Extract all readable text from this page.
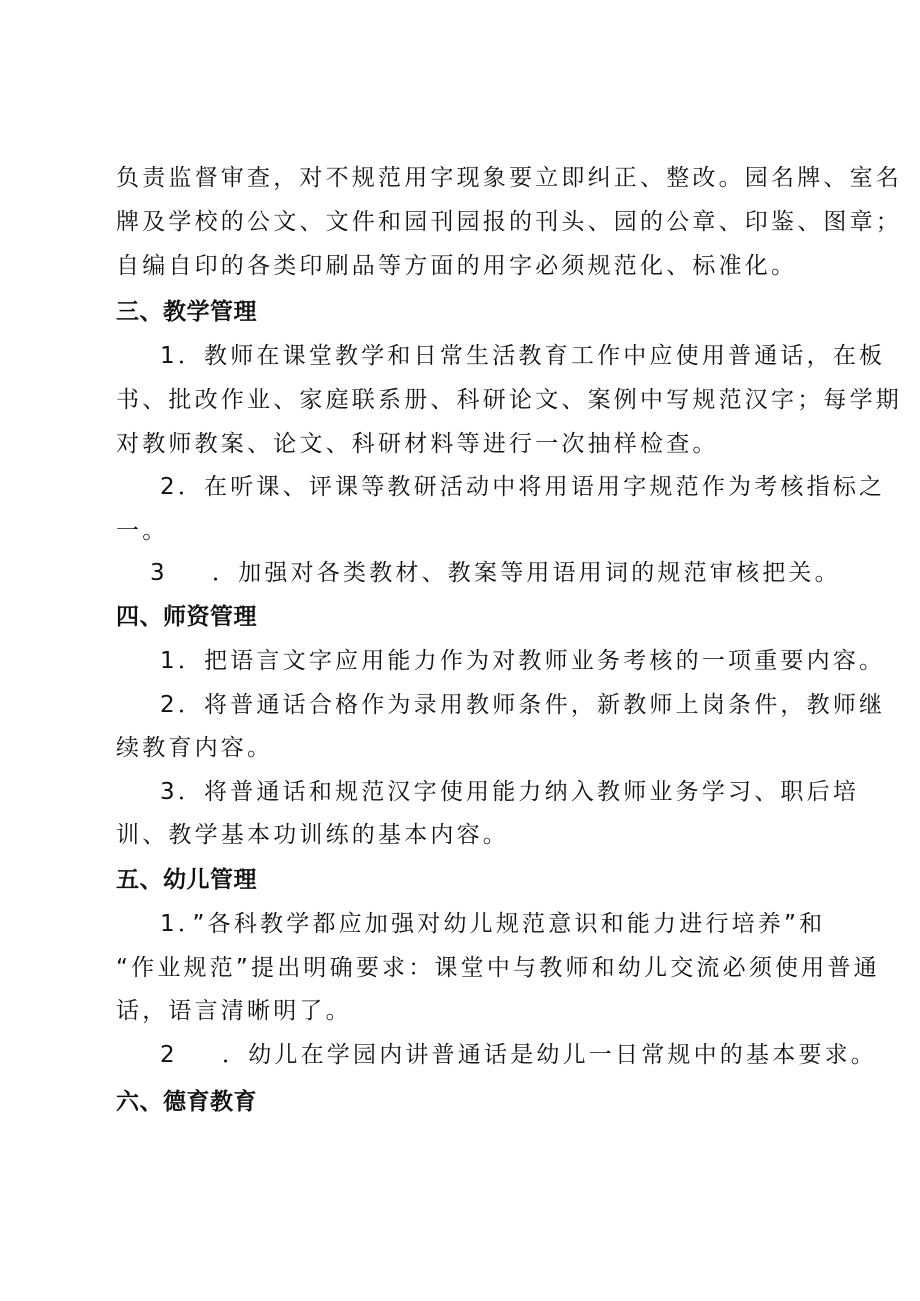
负责监督审查，对不规范用字现象要立即纠正、整改。园名牌、室名
牌及学校的公文、文件和园刊园报的刊头、园的公章、印鉴、图章；
自编自印的各类印刷品等方面的用字必须规范化、标准化。
三、教学管理
1．教师在课堂教学和日常生活教育工作中应使用普通话，在板
书、批改作业、家庭联系册、科研论文、案例中写规范汉字；每学期
对教师教案、论文、科研材料等进行一次抽样检查。
2．在听课、评课等教研活动中将用语用字规范作为考核指标之
一。
3 ．加强对各类教材、教案等用语用词的规范审核把关。
四、师资管理
1．把语言文字应用能力作为对教师业务考核的一项重要内容。
2．将普通话合格作为录用教师条件，新教师上岗条件，教师继
续教育内容。
3．将普通话和规范汉字使用能力纳入教师业务学习、职后培
训、教学基本功训练的基本内容。
五、幼儿管理
1．”各科教学都应加强对幼儿规范意识和能力进行培养”和
“作业规范”提出明确要求：课堂中与教师和幼儿交流必须使用普通
话，语言清晰明了。
2 ．幼儿在学园内讲普通话是幼儿一日常规中的基本要求。
六、德育教育
